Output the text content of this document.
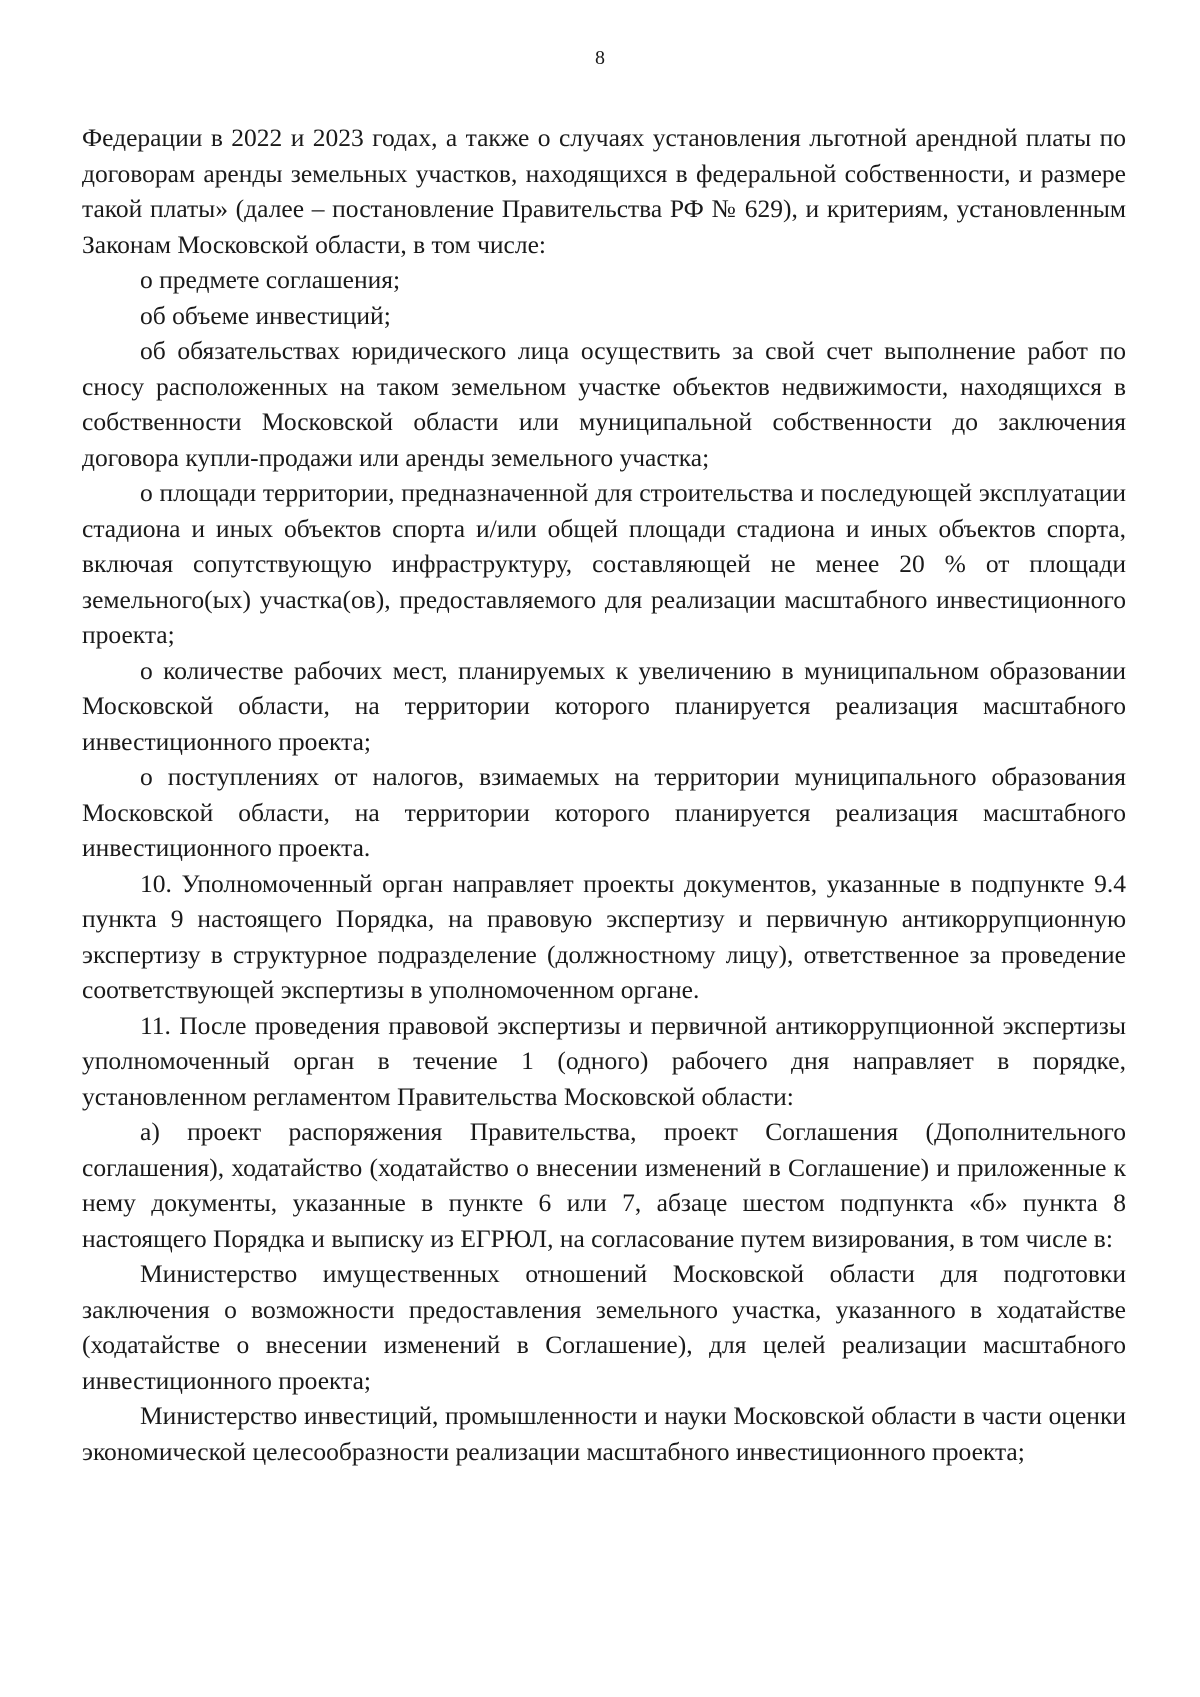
8

Федерации в 2022 и 2023 годах, а также о случаях установления льготной арендной платы по договорам аренды земельных участков, находящихся в федеральной собственности, и размере такой платы» (далее – постановление Правительства РФ № 629), и критериям, установленным Законам Московской области, в том числе:

о предмете соглашения;

об объеме инвестиций;

об обязательствах юридического лица осуществить за свой счет выполнение работ по сносу расположенных на таком земельном участке объектов недвижимости, находящихся в собственности Московской области или муниципальной собственности до заключения договора купли-продажи или аренды земельного участка;

о площади территории, предназначенной для строительства и последующей эксплуатации стадиона и иных объектов спорта и/или общей площади стадиона и иных объектов спорта, включая сопутствующую инфраструктуру, составляющей не менее 20 % от площади земельного(ых) участка(ов), предоставляемого для реализации масштабного инвестиционного проекта;

о количестве рабочих мест, планируемых к увеличению в муниципальном образовании Московской области, на территории которого планируется реализация масштабного инвестиционного проекта;

о поступлениях от налогов, взимаемых на территории муниципального образования Московской области, на территории которого планируется реализация масштабного инвестиционного проекта.

10. Уполномоченный орган направляет проекты документов, указанные в подпункте 9.4 пункта 9 настоящего Порядка, на правовую экспертизу и первичную антикоррупционную экспертизу в структурное подразделение (должностному лицу), ответственное за проведение соответствующей экспертизы в уполномоченном органе.

11. После проведения правовой экспертизы и первичной антикоррупционной экспертизы уполномоченный орган в течение 1 (одного) рабочего дня направляет в порядке, установленном регламентом Правительства Московской области:

а) проект распоряжения Правительства, проект Соглашения (Дополнительного соглашения), ходатайство (ходатайство о внесении изменений в Соглашение) и приложенные к нему документы, указанные в пункте 6 или 7, абзаце шестом подпункта «б» пункта 8 настоящего Порядка и выписку из ЕГРЮЛ, на согласование путем визирования, в том числе в:

Министерство имущественных отношений Московской области для подготовки заключения о возможности предоставления земельного участка, указанного в ходатайстве (ходатайстве о внесении изменений в Соглашение), для целей реализации масштабного инвестиционного проекта;

Министерство инвестиций, промышленности и науки Московской области в части оценки экономической целесообразности реализации масштабного инвестиционного проекта;
